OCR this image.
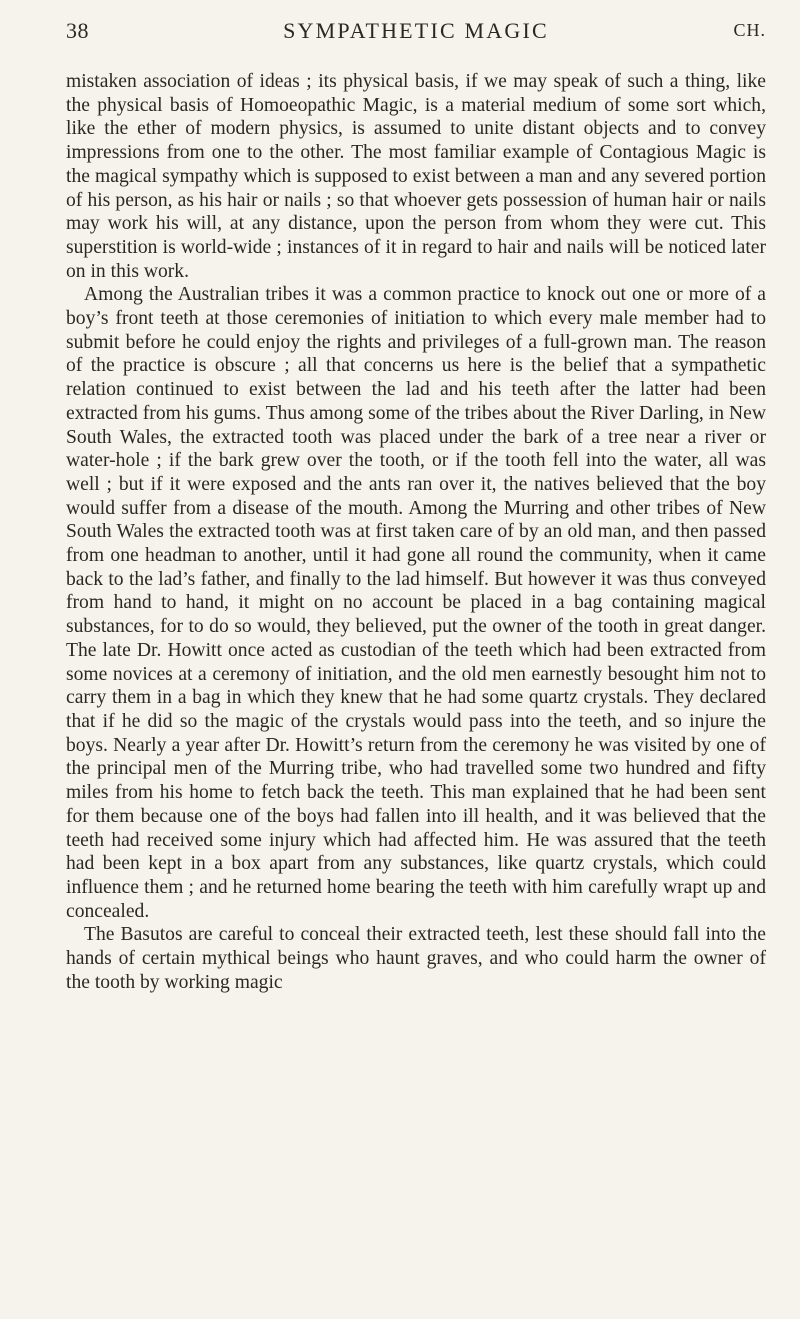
38	SYMPATHETIC MAGIC	CH.

mistaken association of ideas ; its physical basis, if we may speak of such a thing, like the physical basis of Homoeopathic Magic, is a material medium of some sort which, like the ether of modern physics, is assumed to unite distant objects and to convey impressions from one to the other. The most familiar example of Contagious Magic is the magical sympathy which is supposed to exist between a man and any severed portion of his person, as his hair or nails ; so that whoever gets possession of human hair or nails may work his will, at any distance, upon the person from whom they were cut. This superstition is world-wide ; instances of it in regard to hair and nails will be noticed later on in this work.

Among the Australian tribes it was a common practice to knock out one or more of a boy’s front teeth at those ceremonies of initiation to which every male member had to submit before he could enjoy the rights and privileges of a full-grown man. The reason of the practice is obscure ; all that concerns us here is the belief that a sympathetic relation continued to exist between the lad and his teeth after the latter had been extracted from his gums. Thus among some of the tribes about the River Darling, in New South Wales, the extracted tooth was placed under the bark of a tree near a river or water-hole ; if the bark grew over the tooth, or if the tooth fell into the water, all was well ; but if it were exposed and the ants ran over it, the natives believed that the boy would suffer from a disease of the mouth. Among the Murring and other tribes of New South Wales the extracted tooth was at first taken care of by an old man, and then passed from one headman to another, until it had gone all round the community, when it came back to the lad’s father, and finally to the lad himself. But however it was thus conveyed from hand to hand, it might on no account be placed in a bag containing magical substances, for to do so would, they believed, put the owner of the tooth in great danger. The late Dr. Howitt once acted as custodian of the teeth which had been extracted from some novices at a ceremony of initiation, and the old men earnestly besought him not to carry them in a bag in which they knew that he had some quartz crystals. They declared that if he did so the magic of the crystals would pass into the teeth, and so injure the boys. Nearly a year after Dr. Howitt’s return from the ceremony he was visited by one of the principal men of the Murring tribe, who had travelled some two hundred and fifty miles from his home to fetch back the teeth. This man explained that he had been sent for them because one of the boys had fallen into ill health, and it was believed that the teeth had received some injury which had affected him. He was assured that the teeth had been kept in a box apart from any substances, like quartz crystals, which could influence them ; and he returned home bearing the teeth with him carefully wrapt up and concealed.

The Basutos are careful to conceal their extracted teeth, lest these should fall into the hands of certain mythical beings who haunt graves, and who could harm the owner of the tooth by working magic
